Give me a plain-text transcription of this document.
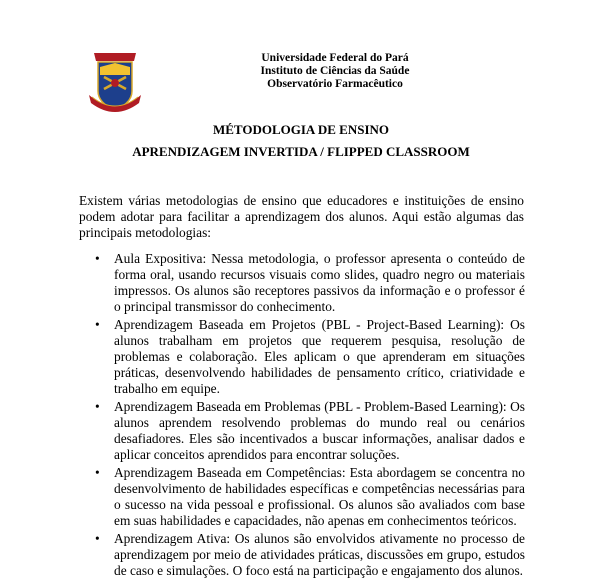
Universidade Federal do Pará
Instituto de Ciências da Saúde
Observatório Farmacêutico
MÉTODOLOGIA DE ENSINO
APRENDIZAGEM INVERTIDA / FLIPPED CLASSROOM
Existem várias metodologias de ensino que educadores e instituições de ensino podem adotar para facilitar a aprendizagem dos alunos. Aqui estão algumas das principais metodologias:
• Aula Expositiva: Nessa metodologia, o professor apresenta o conteúdo de forma oral, usando recursos visuais como slides, quadro negro ou materiais impressos. Os alunos são receptores passivos da informação e o professor é o principal transmissor do conhecimento.
• Aprendizagem Baseada em Projetos (PBL - Project-Based Learning): Os alunos trabalham em projetos que requerem pesquisa, resolução de problemas e colaboração. Eles aplicam o que aprenderam em situações práticas, desenvolvendo habilidades de pensamento crítico, criatividade e trabalho em equipe.
• Aprendizagem Baseada em Problemas (PBL - Problem-Based Learning): Os alunos aprendem resolvendo problemas do mundo real ou cenários desafiadores. Eles são incentivados a buscar informações, analisar dados e aplicar conceitos aprendidos para encontrar soluções.
• Aprendizagem Baseada em Competências: Esta abordagem se concentra no desenvolvimento de habilidades específicas e competências necessárias para o sucesso na vida pessoal e profissional. Os alunos são avaliados com base em suas habilidades e capacidades, não apenas em conhecimentos teóricos.
• Aprendizagem Ativa: Os alunos são envolvidos ativamente no processo de aprendizagem por meio de atividades práticas, discussões em grupo, estudos de caso e simulações. O foco está na participação e engajamento dos alunos.
